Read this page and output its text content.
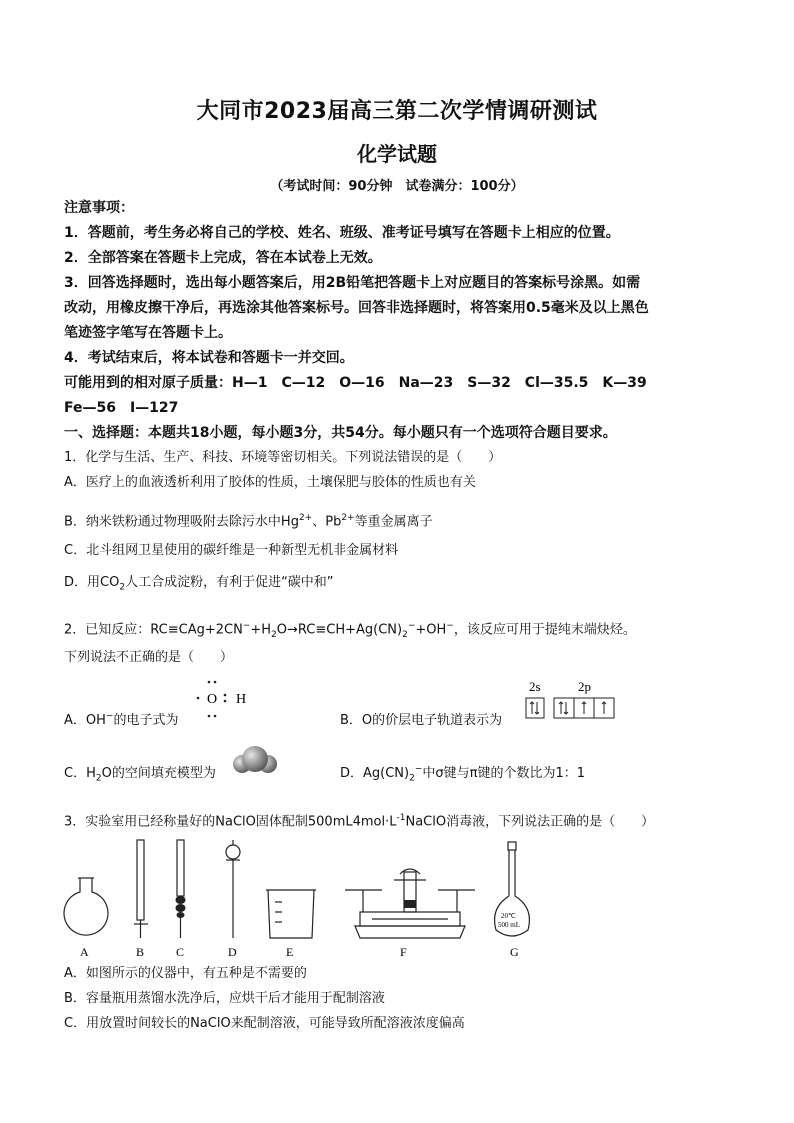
大同市2023届高三第二次学情调研测试
化学试题
（考试时间：90分钟　试卷满分：100分）
注意事项：
1．答题前，考生务必将自己的学校、姓名、班级、准考证号填写在答题卡上相应的位置。
2．全部答案在答题卡上完成，答在本试卷上无效。
3．回答选择题时，选出每小题答案后，用2B铅笔把答题卡上对应题目的答案标号涂黑。如需
改动，用橡皮擦干净后，再选涂其他答案标号。回答非选择题时，将答案用0.5毫米及以上黑色
笔迹签字笔写在答题卡上。
4．考试结束后，将本试卷和答题卡一并交回。
可能用到的相对原子质量：H—1　C—12　O—16　Na—23　S—32　Cl—35.5　K—39
Fe—56　I—127
一、选择题：本题共18小题，每小题3分，共54分。每小题只有一个选项符合题目要求。
1．化学与生活、生产、科技、环境等密切相关。下列说法错误的是（　　）
A．医疗上的血液透析利用了胶体的性质，土壤保肥与胶体的性质也有关
B．纳米铁粉通过物理吸附去除污水中$Hg^{2+}$、$Pb^{2+}$等重金属离子
C．北斗组网卫星使用的碳纤维是一种新型无机非金属材料
D．用$CO_2$人工合成淀粉，有利于促进“碳中和”
2．已知反应：$RC\equiv CAg+2CN^-+H_2O\to RC\equiv CH+Ag(CN)_2^-+OH^-$，该反应可用于提纯末端炔烃。
下列说法不正确的是（　　）
A．OH−的电子式为
O H
B．O的价层电子轨道表示为
2s	2p
C．$H_2O$的空间填充模型为	D．$Ag(CN)_2^-$中σ键与π键的个数比为1：1
3．实验室用已经称量好的NaClO固体配制$500mL4mol\cdot L^{-1}NaClO$消毒液，下列说法正确的是（　　）
20℃
500 mL
A	B	C	D	E	F	G
A．如图所示的仪器中，有五种是不需要的
B．容量瓶用蒸馏水洗净后，应烘干后才能用于配制溶液
C．用放置时间较长的NaClO来配制溶液，可能导致所配溶液浓度偏高
